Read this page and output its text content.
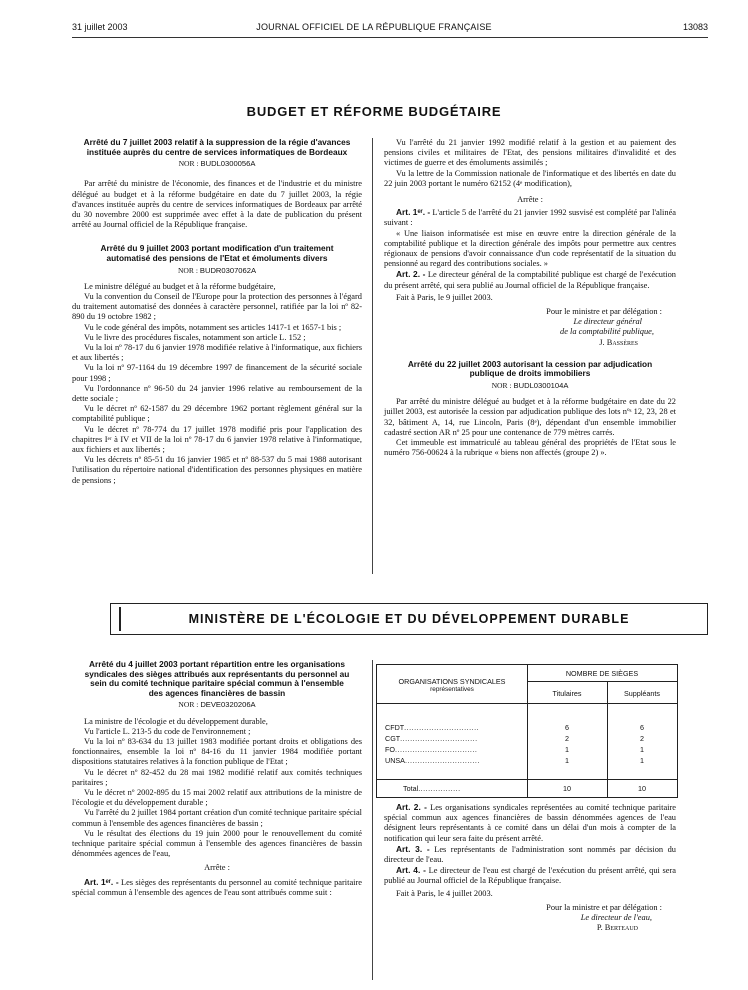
31 juillet 2003	JOURNAL OFFICIEL DE LA RÉPUBLIQUE FRANÇAISE	13083
BUDGET ET RÉFORME BUDGÉTAIRE
Arrêté du 7 juillet 2003 relatif à la suppression de la régie d'avances instituée auprès du centre de services informatiques de Bordeaux
NOR : BUDL0300056A

Par arrêté du ministre de l'économie, des finances et de l'industrie et du ministre délégué au budget et à la réforme budgétaire en date du 7 juillet 2003, la régie d'avances instituée auprès du centre de services informatiques de Bordeaux par arrêté du 30 novembre 2000 est supprimée avec effet à la date de publication du présent arrêté au Journal officiel de la République française.

Arrêté du 9 juillet 2003 portant modification d'un traitement automatisé des pensions de l'Etat et émoluments divers
NOR : BUDR0307062A

Le ministre délégué au budget et à la réforme budgétaire,

Vu la convention du Conseil de l'Europe pour la protection des personnes à l'égard du traitement automatisé des données à caractère personnel, ratifiée par la loi nº 82-890 du 19 octobre 1982 ;

Vu le code général des impôts, notamment ses articles 1417-1 et 1657-1 bis ;

Vu le livre des procédures fiscales, notamment son article L. 152 ;

Vu la loi nº 78-17 du 6 janvier 1978 modifiée relative à l'informatique, aux fichiers et aux libertés ;

Vu la loi nº 97-1164 du 19 décembre 1997 de financement de la sécurité sociale pour 1998 ;

Vu l'ordonnance nº 96-50 du 24 janvier 1996 relative au remboursement de la dette sociale ;

Vu le décret nº 62-1587 du 29 décembre 1962 portant règlement général sur la comptabilité publique ;

Vu le décret nº 78-774 du 17 juillet 1978 modifié pris pour l'application des chapitres Iᵉʳ à IV et VII de la loi nº 78-17 du 6 janvier 1978 relative à l'informatique, aux fichiers et aux libertés ;

Vu les décrets nº 85-51 du 16 janvier 1985 et nº 88-537 du 5 mai 1988 autorisant l'utilisation du répertoire national d'identification des personnes physiques en matière de pensions ;

Vu l'arrêté du 21 janvier 1992 modifié relatif à la gestion et au paiement des pensions civiles et militaires de l'Etat, des pensions militaires d'invalidité et des victimes de guerre et des émoluments assimilés ;

Vu la lettre de la Commission nationale de l'informatique et des libertés en date du 22 juin 2003 portant le numéro 62152 (4ᵉ modification),

Arrête :

Art. 1ᵉʳ. - L'article 5 de l'arrêté du 21 janvier 1992 susvisé est complété par l'alinéa suivant :

« Une liaison informatisée est mise en œuvre entre la direction générale de la comptabilité publique et la direction générale des impôts pour permettre aux centres régionaux de pensions d'avoir connaissance d'un code représentatif de la situation du pensionné au regard des contributions sociales. »

Art. 2. - Le directeur général de la comptabilité publique est chargé de l'exécution du présent arrêté, qui sera publié au Journal officiel de la République française.

Fait à Paris, le 9 juillet 2003.

Pour le ministre et par délégation :
Le directeur général
de la comptabilité publique,
J. Bassères
Arrêté du 22 juillet 2003 autorisant la cession par adjudication publique de droits immobiliers
NOR : BUDL0300104A

Par arrêté du ministre délégué au budget et à la réforme budgétaire en date du 22 juillet 2003, est autorisée la cession par adjudication publique des lots nºˢ 12, 23, 28 et 32, bâtiment A, 14, rue Lincoln, Paris (8ᵉ), dépendant d'un ensemble immobilier cadastré section AR nº 25 pour une contenance de 779 mètres carrés.

Cet immeuble est immatriculé au tableau général des propriétés de l'Etat sous le numéro 756-00624 à la rubrique « biens non affectés (groupe 2) ».

MINISTÈRE DE L'ÉCOLOGIE ET DU DÉVELOPPEMENT DURABLE
Arrêté du 4 juillet 2003 portant répartition entre les organisations syndicales des sièges attribués aux représentants du personnel au sein du comité technique paritaire spécial commun à l'ensemble des agences financières de bassin
NOR : DEVE0320206A

La ministre de l'écologie et du développement durable,

Vu l'article L. 213-5 du code de l'environnement ;

Vu la loi nº 83-634 du 13 juillet 1983 modifiée portant droits et obligations des fonctionnaires, ensemble la loi nº 84-16 du 11 janvier 1984 modifiée portant dispositions statutaires relatives à la fonction publique de l'Etat ;

Vu le décret nº 82-452 du 28 mai 1982 modifié relatif aux comités techniques paritaires ;

Vu le décret nº 2002-895 du 15 mai 2002 relatif aux attributions de la ministre de l'écologie et du développement durable ;

Vu l'arrêté du 2 juillet 1984 portant création d'un comité technique paritaire spécial commun à l'ensemble des agences financières de bassin ;

Vu le résultat des élections du 19 juin 2000 pour le renouvellement du comité technique paritaire spécial commun à l'ensemble des agences financières de bassin dénommées agences de l'eau,

Arrête :

Art. 1ᵉʳ. - Les sièges des représentants du personnel au comité technique paritaire spécial commun à l'ensemble des agences de l'eau sont attribués comme suit :

ORGANISATIONS SYNDICALES
représentatives
NOMBRE DE SIÈGES
Titulaires	Suppléants
CFDT..............................	6	6
CGT...............................	2	2
FO.................................	1	1
UNSA..............................	1	1
Total.................	10	10

Art. 2. - Les organisations syndicales représentées au comité technique paritaire spécial commun aux agences financières de bassin dénommées agences de l'eau désignent leurs représentants à ce comité dans un délai d'un mois à compter de la notification qui leur sera faite du présent arrêté.

Art. 3. - Les représentants de l'administration sont nommés par décision du directeur de l'eau.

Art. 4. - Le directeur de l'eau est chargé de l'exécution du présent arrêté, qui sera publié au Journal officiel de la République française.

Fait à Paris, le 4 juillet 2003.

Pour la ministre et par délégation :
Le directeur de l'eau,
P. Berteaud
